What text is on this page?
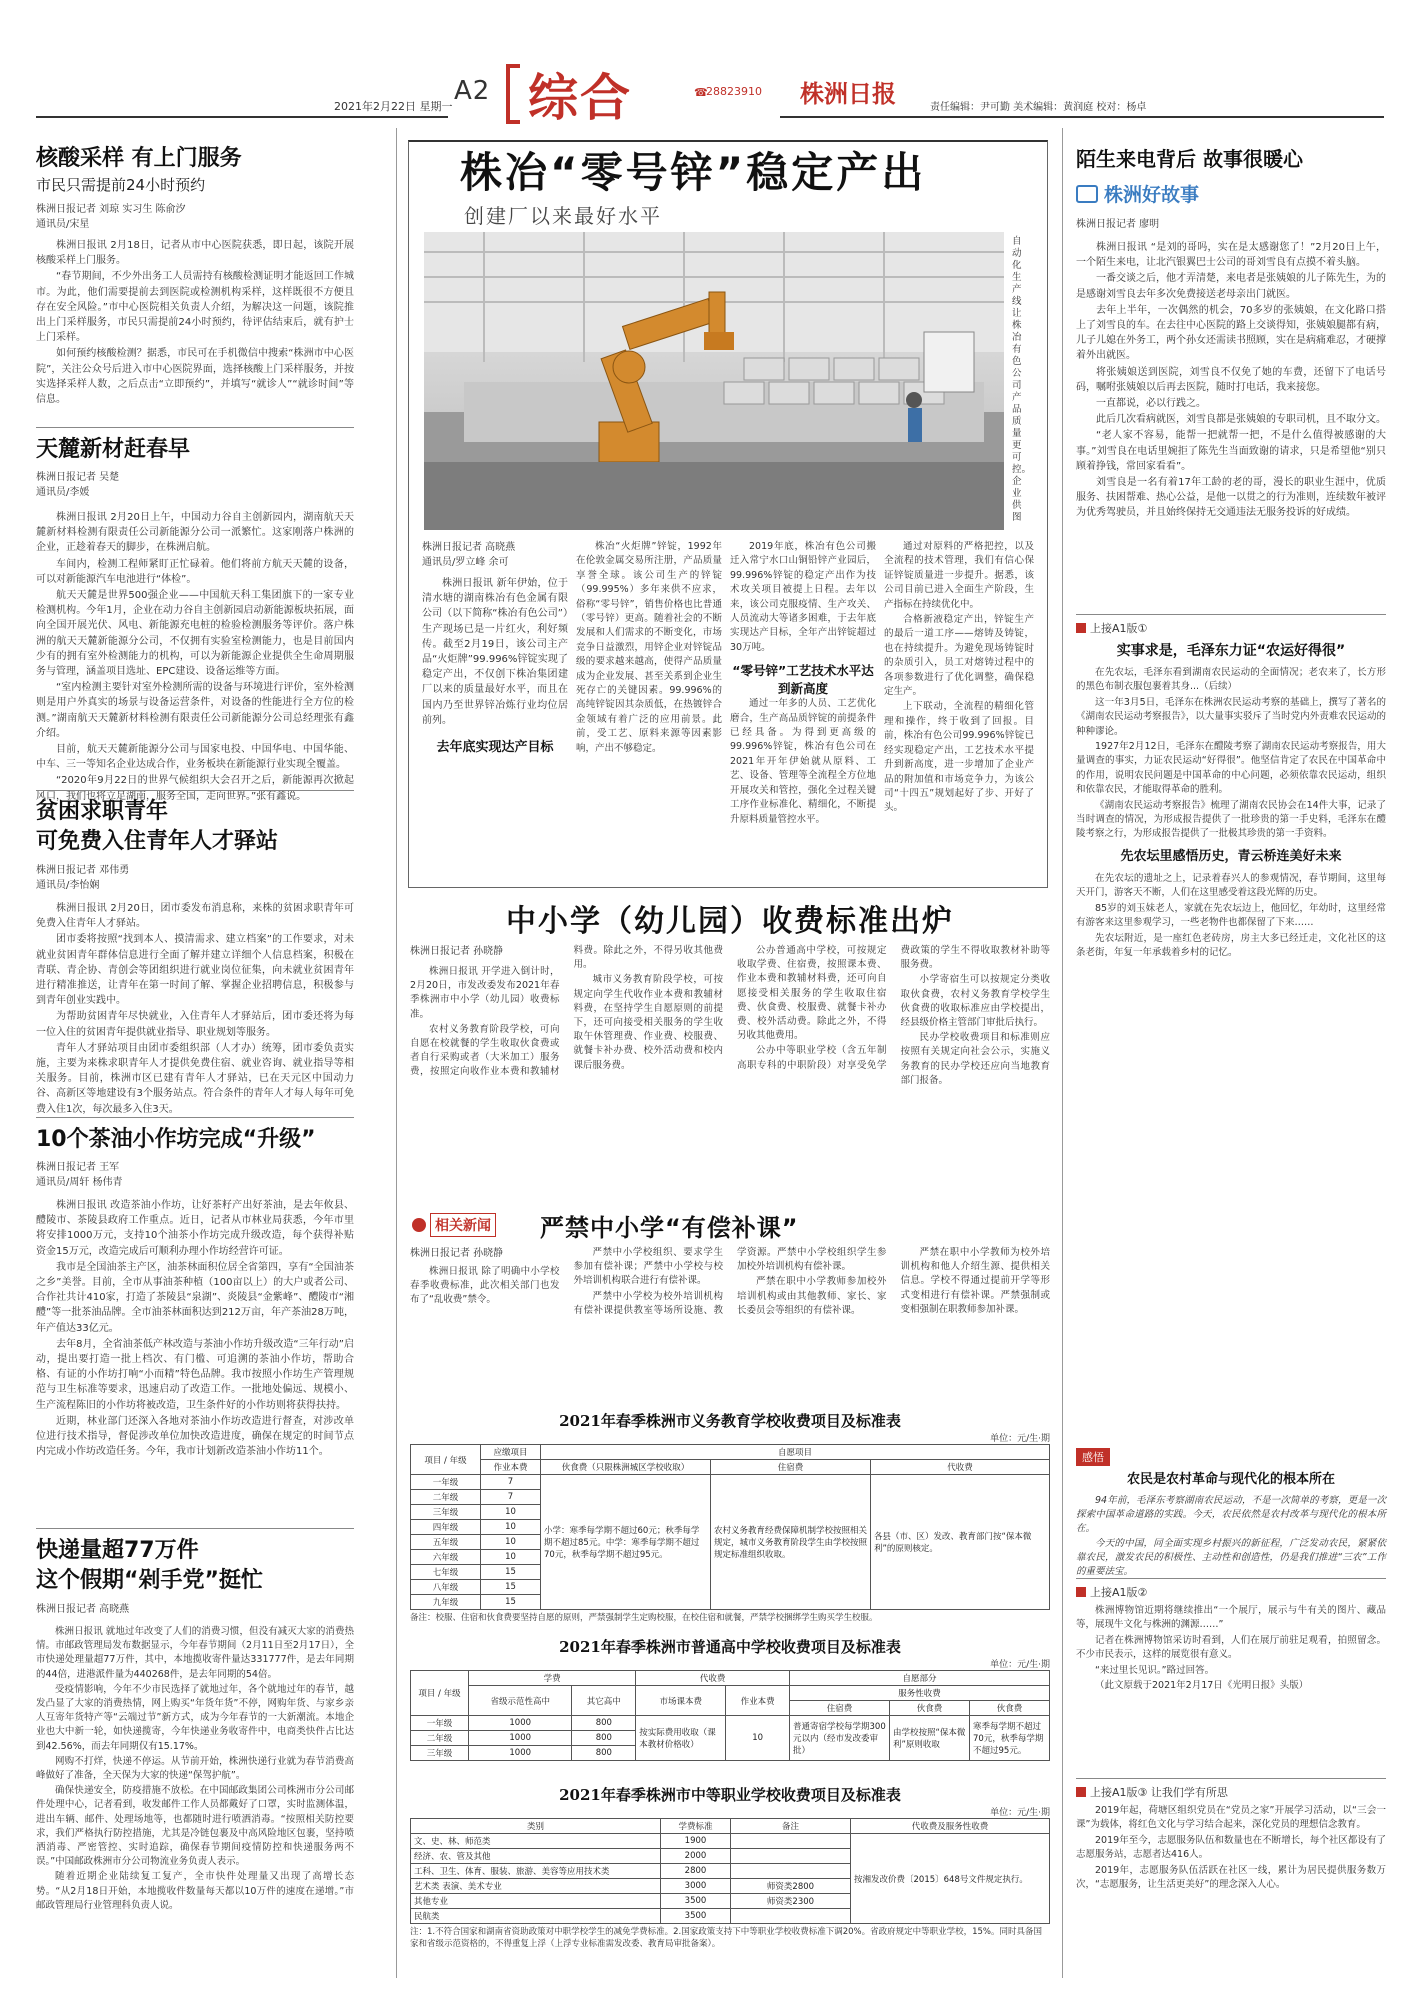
2021年2月22日 星期一
A2 综合	☎
28823910 株洲日报	责任编辑：尹可勤 美术编辑：黄润庭 校对：杨卓
核酸采样 有上门服务
市民只需提前24小时预约
株洲日报记者 刘琼 实习生 陈俞汐
通讯员/宋星

株洲日报讯 2月18日，记者从市中心医院获悉，即日起，该院开展核酸采样上门服务。

“春节期间，不少外出务工人员需持有核酸检测证明才能返回工作城市。为此，他们需要提前去到医院或检测机构采样，这样既很不方便且存在安全风险。”市中心医院相关负责人介绍，为解决这一问题，该院推出上门采样服务，市民只需提前24小时预约，待评估结束后，就有护士上门采样。

如何预约核酸检测？据悉，市民可在手机微信中搜索“株洲市中心医院”，关注公众号后进入市中心医院界面，选择核酸上门采样服务，并按实选择采样人数，之后点击“立即预约”，并填写“就诊人”“就诊时间”等信息。

天麓新材赶春早
株洲日报记者 吴楚
通讯员/李媛

株洲日报讯 2月20日上午，中国动力谷自主创新园内，湖南航天天麓新材料检测有限责任公司新能源分公司一派繁忙。这家刚落户株洲的企业，正趁着春天的脚步，在株洲启航。

车间内，检测工程师紧盯正忙碌着。他们将前方航天天麓的设备，可以对新能源汽车电池进行“体检”。

航天天麓是世界500强企业——中国航天科工集团旗下的一家专业检测机构。今年1月，企业在动力谷自主创新园启动新能源板块拓展，面向全国开展光伏、风电、新能源充电桩的检验检测服务等评价。落户株洲的航天天麓新能源分公司，不仅拥有实验室检测能力，也是目前国内少有的拥有室外检测能力的机构，可以为新能源企业提供全生命周期服务与管理，涵盖项目选址、EPC建设、设备运维等方面。

“室内检测主要针对室外检测所需的设备与环境进行评价，室外检测则是用户外真实的场景与设备运营条件，对设备的性能进行全方位的检测。”湖南航天天麓新材料检测有限责任公司新能源分公司总经理张有鑫介绍。

目前，航天天麓新能源分公司与国家电投、中国华电、中国华能、中车、三一等知名企业达成合作，业务板块在新能源行业实现全覆盖。

“2020年9月22日的世界气候组织大会召开之后，新能源再次掀起风口，我们也将立足湖南，服务全国，走向世界。”张有鑫说。

贫困求职青年
可免费入住青年人才驿站
株洲日报记者 邓伟勇
通讯员/李怡娴

株洲日报讯 2月20日，团市委发布消息称，来株的贫困求职青年可免费入住青年人才驿站。

团市委将按照“找到本人、摸清需求、建立档案”的工作要求，对未就业贫困青年群体信息进行全面了解并建立详细个人信息档案，积极在青联、青企协、青创会等团组织进行就业岗位征集，向未就业贫困青年进行精准推送，让青年在第一时间了解、掌握企业招聘信息，积极参与到青年创业实践中。

为帮助贫困青年尽快就业，入住青年人才驿站后，团市委还将为每一位入住的贫困青年提供就业指导、职业规划等服务。

青年人才驿站项目由团市委组织部（人才办）统筹，团市委负责实施，主要为来株求职青年人才提供免费住宿、就业咨询、就业指导等相关服务。目前，株洲市区已建有青年人才驿站，已在天元区中国动力谷、高新区等地建设有3个服务站点。符合条件的青年人才每人每年可免费入住1次，每次最多入住3天。

10个茶油小作坊完成“升级”
株洲日报记者 王军
通讯员/周轩 杨伟青

株洲日报讯 改造茶油小作坊，让好茶籽产出好茶油，是去年攸县、醴陵市、茶陵县政府工作重点。近日，记者从市林业局获悉，今年市里将安排1000万元，支持10个油茶小作坊完成升级改造，每个获得补贴资金15万元，改造完成后可顺利办理小作坊经营许可证。

我市是全国油茶主产区，油茶林面积位居全省第四，享有“全国油茶之乡”美誉。目前，全市从事油茶种植（100亩以上）的大户或者公司、合作社共计410家，打造了茶陵县“泉湖”、炎陵县“金紫峰”、醴陵市“湘醴”等一批茶油品牌。全市油茶林面积达到212万亩，年产茶油28万吨，年产值达33亿元。

去年8月，全省油茶低产林改造与茶油小作坊升级改造“三年行动”启动，提出要打造一批上档次、有门槛、可追溯的茶油小作坊，帮助合格、有证的小作坊打响“小而精”特色品牌。我市按照小作坊生产管理规范与卫生标准等要求，迅速启动了改造工作。一批地处偏远、规模小、生产流程陈旧的小作坊将被改造，卫生条件好的小作坊则将获得扶持。

近期，林业部门还深入各地对茶油小作坊改造进行督查，对涉改单位进行技术指导，督促涉改单位加快改造进度，确保在规定的时间节点内完成小作坊改造任务。今年，我市计划新改造茶油小作坊11个。

快递量超77万件
这个假期“剁手党”挺忙
株洲日报记者 高晓燕

株洲日报讯 就地过年改变了人们的消费习惯，但没有减灭大家的消费热情。市邮政管理局发布数据显示，今年春节期间（2月11日至2月17日），全市快递处理量超77万件，其中，本地揽收寄件量达331777件，是去年同期的44倍，进港派件量为440268件，是去年同期的54倍。

受疫情影响，今年不少市民选择了就地过年，各个就地过年的春节，越发凸显了大家的消费热情，网上购买“年货年货”不停，网购年货、与家乡亲人互寄年货特产等“云端过节”新方式，成为今年春节的一大新潮流。本地企业也大中新一轮，如快递揽寄，今年快递业务收寄件中，电商类快件占比达到42.56%，而去年同期仅有15.17%。

网购不打烊，快递不停运。从节前开始，株洲快递行业就为春节消费高峰做好了准备，全天保为大家的快递“保驾护航”。

确保快递安全，防疫措施不放松。在中国邮政集团公司株洲市分公司邮件处理中心，记者看到，收发邮件工作人员都戴好了口罩，实时监测体温，进出车辆、邮件、处理场地等，也都随时进行喷洒消毒。“按照相关防控要求，我们严格执行防控措施，尤其是冷链包裹及中高风险地区包裹，坚持喷洒消毒、严密管控、实时追踪，确保春节期间疫情防控和快递服务两不误。”中国邮政株洲市分公司物流业务负责人表示。

随着近期企业陆续复工复产，全市快件处理量又出现了高增长态势。“从2月18日开始，本地揽收件数量每天都以10万件的速度在递增。”市邮政管理局行业管理科负责人说。

株冶“零号锌”稳定产出
创建厂以来最好水平
自动化生产线让株冶有色公司产品质量更可控。 企业供图
株洲日报记者 高晓燕
通讯员/罗立峰 余可

株洲日报讯 新年伊始，位于清水塘的湖南株冶有色金属有限公司（以下简称“株冶有色公司”）生产现场已是一片红火，利好频传。截至2月19日，该公司主产品“火炬牌”99.996%锌锭实现了稳定产出，不仅创下株冶集团建厂以来的质量最好水平，而且在国内乃至世界锌冶炼行业均位居前列。

去年底实现达产目标

株冶“火炬牌”锌锭，1992年在伦敦金属交易所注册，产品质量享誉全球。该公司生产的锌锭（99.995%）多年来供不应求，俗称“零号锌”，销售价格也比普通（零号锌）更高。随着社会的不断发展和人们需求的不断变化，市场竞争日益激烈，用锌企业对锌锭品级的要求越来越高，使得产品质量成为企业发展、甚至关系到企业生死存亡的关键因素。99.996%的高纯锌锭因其杂质低，在热镀锌合金领域有着广泛的应用前景。此前，受工艺、原料来源等因素影响，产出不够稳定。

2019年底，株冶有色公司搬迁入常宁水口山铜铅锌产业园后，99.996%锌锭的稳定产出作为技术攻关项目被提上日程。去年以来，该公司克服疫情、生产攻关、人员流动大等诸多困难，于去年底实现达产目标，全年产出锌锭超过30万吨。

“零号锌”工艺技术水平达到新高度

通过一年多的人员、工艺优化磨合，生产高品质锌锭的前提条件已经具备。为得到更高级的99.996%锌锭，株冶有色公司在2021年开年伊始就从原料、工艺、设备、管理等全流程全方位地开展攻关和管控，强化全过程关键工序作业标准化、精细化，不断提升原料质量管控水平。

通过对原料的严格把控，以及全流程的技术管理，我们有信心保证锌锭质量进一步提升。据悉，该公司目前已进入全面生产阶段，生产指标在持续优化中。

合格新液稳定产出，锌锭生产的最后一道工序——熔铸及铸锭，也在持续提升。为避免现场铸锭时的杂质引入，员工对熔铸过程中的各项参数进行了优化调整，确保稳定生产。

上下联动，全流程的精细化管理和操作，终于收到了回报。目前，株冶有色公司99.996%锌锭已经实现稳定产出，工艺技术水平提升到新高度，进一步增加了企业产品的附加值和市场竞争力，为该公司“十四五”规划起好了步、开好了头。

中小学（幼儿园）收费标准出炉
株洲日报记者 孙晓静

株洲日报讯 开学进入倒计时，2月20日，市发改委发布2021年春季株洲市中小学（幼儿园）收费标准。

农村义务教育阶段学校，可向自愿在校就餐的学生收取伙食费或者自行采购或者（大米加工）服务费，按照定向收作业本费和教辅材料费。除此之外，不得另收其他费用。

城市义务教育阶段学校，可按规定向学生代收作业本费和教辅材料费，在坚持学生自愿原则的前提下，还可向接受相关服务的学生收取午休管理费、作业费、校服费、就餐卡补办费、校外活动费和校内课后服务费。

公办普通高中学校，可按规定收取学费、住宿费，按照课本费、作业本费和教辅材料费，还可向自愿接受相关服务的学生收取住宿费、伙食费、校服费、就餐卡补办费、校外活动费。除此之外，不得另收其他费用。

公办中等职业学校（含五年制高职专科的中职阶段）对享受免学费政策的学生不得收取教材补助等服务费。

小学寄宿生可以按规定分类收取伙食费，农村义务教育学校学生伙食费的收取标准应由学校提出，经县级价格主管部门审批后执行。

民办学校收费项目和标准则应按照有关规定向社会公示，实施义务教育的民办学校还应向当地教育部门报备。

相关新闻 严禁中小学“有偿补课”
株洲日报记者 孙晓静

株洲日报讯 除了明确中小学校春季收费标准，此次相关部门也发布了“乱收费”禁令。

严禁中小学校组织、要求学生参加有偿补课；严禁中小学校与校外培训机构联合进行有偿补课。

严禁中小学校为校外培训机构有偿补课提供教室等场所设施、教学资源。严禁中小学校组织学生参加校外培训机构有偿补课。

严禁在职中小学教师参加校外培训机构或由其他教师、家长、家长委员会等组织的有偿补课。

严禁在职中小学教师为校外培训机构和他人介绍生源、提供相关信息。学校不得通过提前开学等形式变相进行有偿补课。严禁强制或变相强制在职教师参加补课。

2021年春季株洲市义务教育学校收费项目及标准表
单位：元/生·期
项目 / 年级	应缴项目	自愿项目		
	作业本费	伙食费（只限株洲城区学校收取）	住宿费	代收费
一年级	7	小学：寒季每学期不超过60元；秋季每学期不超过85元。中学：寒季每学期不超过70元，秋季每学期不超过95元。	农村义务教育经费保障机制学校按照相关规定，城市义务教育阶段学生由学校按照规定标准组织收取。	各县（市、区）发改、教育部门按“保本微利”的原则核定。
二年级	7			
三年级	10			
四年级	10			
五年级	10			
六年级	10			
七年级	15			
八年级	15			
九年级	15			
备注：校服、住宿和伙食费要坚持自愿的原则，严禁强制学生定购校服，在校住宿和就餐，严禁学校捆绑学生购买学生校服。
2021年春季株洲市普通高中学校收费项目及标准表
单位：元/生·期
项目 / 年级	学费		代收费		自愿部分		
	省级示范性高中	其它高中	市场课本费	作业本费	服务性收费		
					住宿费	伙食费	伙食费
一年级	1000	800	按实际费用收取（课本教材价格收）	10	普通寄宿学校每学期300元以内（经市发改委审批）	由学校按照“保本微利”原则收取	寒季每学期不超过70元，秋季每学期不超过95元。
二年级	1000	800					
三年级	1000	800					
2021年春季株洲市中等职业学校收费项目及标准表
单位：元/生·期
类别	学费标准	备注	代收费及服务性收费
文、史、林、师范类	1900		按湘发改价费〔2015〕648号文件规定执行。
经济、农、管及其他	2000		
工科、卫生、体育、服装、旅游、美容等应用技术类	2800		
艺术类 表演、美术专业	3000	师资类2800	
其他专业	3500	师资类2300	
民航类	3500		
注：1.不符合国家和湖南省资助政策对中职学校学生的减免学费标准。2.国家政策支持下中等职业学校收费标准下调20%。省政府规定中等职业学校，15%。同时具备国家和省级示范资格的，不得重复上浮（上浮专业标准需发改委、教育局审批备案）。
陌生来电背后 故事很暖心
株洲好故事
株洲日报记者 廖明

株洲日报讯 “是刘的哥吗，实在是太感谢您了！”2月20日上午，一个陌生来电，让北汽银翼巴士公司的哥刘雪良有点摸不着头脑。

一番交谈之后，他才弄清楚，来电者是张姨娘的儿子陈先生，为的是感谢刘雪良去年多次免费接送老母亲出门就医。

去年上半年，一次偶然的机会，70多岁的张姨娘，在文化路口搭上了刘雪良的车。在去往中心医院的路上交谈得知，张姨娘腿都有病，儿子儿媳在外务工，两个孙女还需读书照顾，实在是病痛难忍，才硬撑着外出就医。

将张姨娘送到医院，刘雪良不仅免了她的车费，还留下了电话号码，嘱咐张姨娘以后再去医院，随时打电话，我来接您。

一直都说，必以行践之。

此后几次看病就医，刘雪良都是张姨娘的专职司机，且不取分文。

“老人家不容易，能帮一把就帮一把，不是什么值得被感谢的大事。”刘雪良在电话里婉拒了陈先生当面致谢的请求，只是希望他“别只顾着挣钱，常回家看看”。

刘雪良是一名有着17年工龄的老的哥，漫长的职业生涯中，优质服务、扶困帮难、热心公益，是他一以贯之的行为准则，连续数年被评为优秀驾驶员，并且始终保持无交通违法无服务投诉的好成绩。

上接A1版①
实事求是，毛泽东力证“农运好得很”

在先农坛，毛泽东看到湖南农民运动的全面情况；老农来了，长方形的黑色布制衣服包裹着其身...（后续）

这一年3月5日，毛泽东在株洲农民运动考察的基础上，撰写了著名的《湖南农民运动考察报告》，以大量事实驳斥了当时党内外责难农民运动的种种谬论。

1927年2月12日，毛泽东在醴陵考察了湖南农民运动考察报告，用大量调查的事实，力证农民运动“好得很”。他坚信肯定了农民在中国革命中的作用，说明农民问题是中国革命的中心问题，必须依靠农民运动，组织和依靠农民，才能取得革命的胜利。

《湖南农民运动考察报告》梳理了湖南农民协会在14件大事，记录了当时调查的情况，为形成报告提供了一批珍贵的第一手史料，毛泽东在醴陵考察之行，为形成报告提供了一批极其珍贵的第一手资料。

先农坛里感悟历史，青云桥连美好未来

在先农坛的遗址之上，记录着春兴人的参观情况，春节期间，这里每天开门，游客天不断，人们在这里感受着这段光辉的历史。

85岁的刘玉妹老人，家就在先农坛边上，他回忆，年幼时，这里经常有游客来这里参观学习，一些老物件也都保留了下来……

先农坛附近，是一座红色老砖房，房主大多已经迁走，文化社区的这条老街，年复一年承载着乡村的记忆。

感悟
农民是农村革命与现代化的根本所在

94年前，毛泽东考察湖南农民运动，不是一次简单的考察，更是一次探索中国革命道路的实践。今天，农民依然是农村改革与现代化的根本所在。

今天的中国，同全面实现乡村振兴的新征程，广泛发动农民，紧紧依靠农民，激发农民的积极性、主动性和创造性，仍是我们推进“三农”工作的重要法宝。

上接A1版②

株洲博物馆近期将继续推出“一个展厅，展示与牛有关的图片、藏品等，展现牛文化与株洲的渊源……”

记者在株洲博物馆采访时看到，人们在展厅前驻足观看，拍照留念。不少市民表示，这样的展览很有意义。

“来过里长见识。”路过回答。

（此文原载于2021年2月17日《光明日报》头版）

上接A1版③ 让我们学有所思

2019年起，荷塘区组织党员在“党员之家”开展学习活动，以“三会一课”为载体，将红色文化与学习结合起来，深化党员的理想信念教育。

2019年至今，志愿服务队伍和数量也在不断增长，每个社区都设有了志愿服务站，志愿者达416人。

2019年，志愿服务队伍活跃在社区一线，累计为居民提供服务数万次，“志愿服务，让生活更美好”的理念深入人心。
